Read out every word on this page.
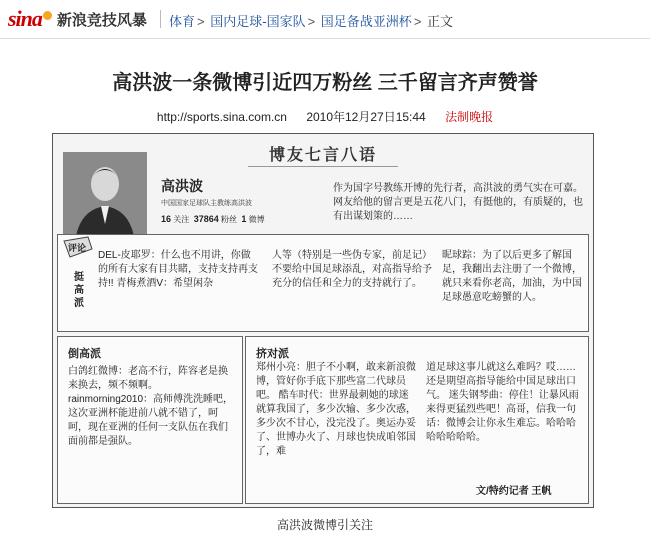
sina 新浪竞技风暴 体育 > 国内足球-国家队 > 国足备战亚洲杯 > 正文
高洪波一条微博引近四万粉丝 三千留言齐声赞誉
http://sports.sina.com.cn 2010年12月27日15:44 法制晚报
博友七言八语
高洪波
中国国家足球队主教练高洪波
16 关注 37864 粉丝 1 微博
作为国字号教练开博的先行者，高洪波的勇气实在可嘉。网友给他的留言更是五花八门，有挺他的，有质疑的，也有出谋划策的……
评论
挺高派
DEL-皮耶罗：什么也不用讲，你做的所有大家有目共睹，支持支持再支持!! 青梅煮酒V：希望闲杂
人等（特别是一些伪专家，前足记）不要给中国足球添乱，对高指导给予充分的信任和全力的支持就行了。
昵球踪：为了以后更多了解国足，我翻出去注册了一个微博，就只来看你老高，加油，为中国足球愚意吃螃蟹的人。
倒高派
白鸽红微博：老高不行，阵容老是换来换去，频不频啊。 rainmorning2010：高师傅洗洗睡吧，这次亚洲杯能进前八就不错了，呵呵，现在亚洲的任何一支队伍在我们面前都是强队。
挤对派
郑州小亮：胆子不小啊，敢来新浪微博，管好你手底下那些富二代球员吧。 酷车时代：世界最刺她的球迷就算我国了，多少次输、多少次惑，多少次不甘心，没完没了。奥运办妥了、世博办火了、月球也快成咱邻国了，难
道足球这事儿就这么难吗？哎……还是期望高指导能给中国足球出口气。 迷失钢琴曲：停住！让暴风雨来得更猛烈些吧！高哥，信我一句话：微博会让你永生难忘。哈哈哈哈哈哈哈哈。
文/特约记者 王帆
高洪波微博引关注
